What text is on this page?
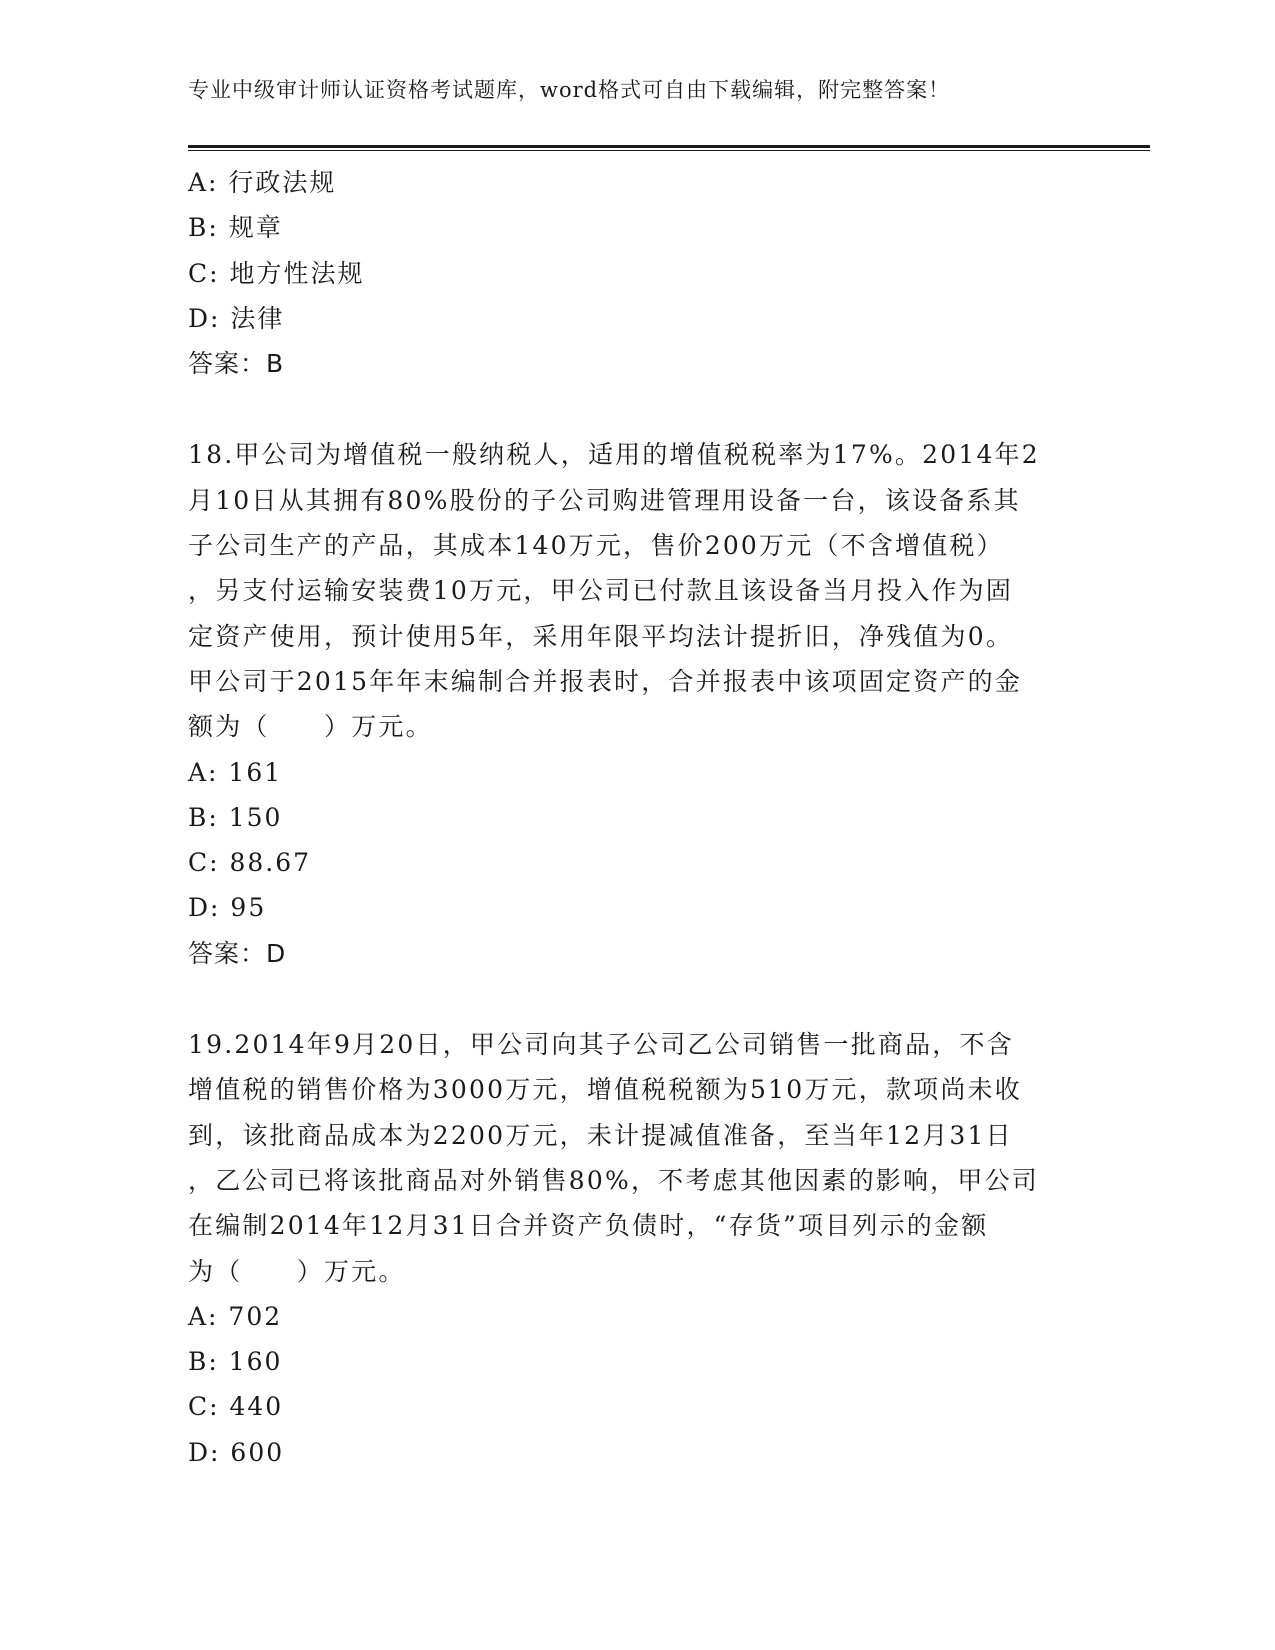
专业中级审计师认证资格考试题库，word格式可自由下载编辑，附完整答案！
A: 行政法规
B: 规章
C: 地方性法规
D: 法律
答案：B
18.甲公司为增值税一般纳税人，适用的增值税税率为17%。2014年2
月10日从其拥有80%股份的子公司购进管理用设备一台，该设备系其
子公司生产的产品，其成本140万元，售价200万元（不含增值税）
，另支付运输安装费10万元，甲公司已付款且该设备当月投入作为固
定资产使用，预计使用5年，采用年限平均法计提折旧，净残值为0。
甲公司于2015年年末编制合并报表时，合并报表中该项固定资产的金
额为（　　）万元。
A: 161
B: 150
C: 88.67
D: 95
答案：D
19.2014年9月20日，甲公司向其子公司乙公司销售一批商品，不含
增值税的销售价格为3000万元，增值税税额为510万元，款项尚未收
到，该批商品成本为2200万元，未计提减值准备，至当年12月31日
，乙公司已将该批商品对外销售80%，不考虑其他因素的影响，甲公司
在编制2014年12月31日合并资产负债时，“存货”项目列示的金额
为（　　）万元。
A: 702
B: 160
C: 440
D: 600
